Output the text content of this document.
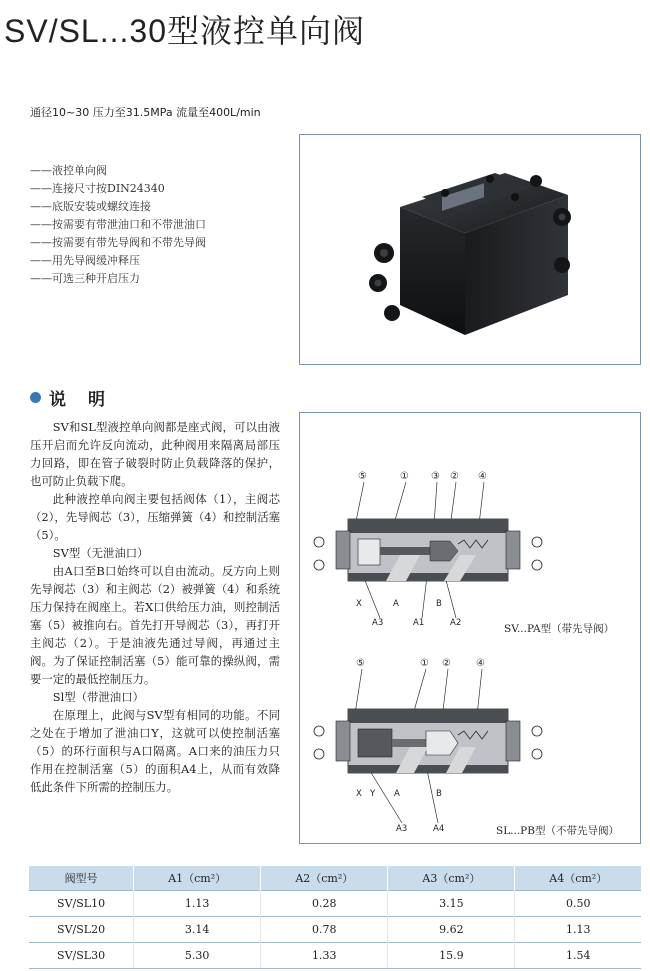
SV/SL...30型液控单向阀
通径10~30 压力至31.5MPa 流量至400L/min
——液控单向阀
——连接尺寸按DIN24340
——底版安装或螺纹连接
——按需要有带泄油口和不带泄油口
——按需要有带先导阀和不带先导阀
——用先导阀缓冲释压
——可选三种开启压力
说明

SV和SL型液控单向阀都是座式阀，可以由液压开启而允许反向流动，此种阀用来隔离局部压力回路，即在管子破裂时防止负载降落的保护，也可防止负载下爬。

此种液控单向阀主要包括阀体（1），主阀芯（2），先导阀芯（3），压缩弹簧（4）和控制活塞（5）。

SV型（无泄油口）

由A口至B口始终可以自由流动。反方向上则先导阀芯（3）和主阀芯（2）被弹簧（4）和系统压力保持在阀座上。若X口供给压力油，则控制活塞（5）被推向右。首先打开导阀芯（3），再打开主阀芯（2）。于是油液先通过导阀，再通过主阀。为了保证控制活塞（5）能可靠的操纵阀，需要一定的最低控制压力。

Sl型（带泄油口）

在原理上，此阀与SV型有相同的功能。不同之处在于增加了泄油口Y，这就可以使控制活塞（5）的环行面积与A口隔离。A口来的油压力只作用在控制活塞（5）的面积A4上，从而有效降低此条件下所需的控制压力。

⑤	① ③ ② ④
X	A	B
A3	A1	A2
⑤	① ②	④
X Y A	B
A3	A4
SV...PA型（带先导阀）
SL...PB型（不带先导阀）
阀型号	A1（cm²）	A2（cm²）	A3（cm²）	A4（cm²）
SV/SL10	1.13	0.28	3.15	0.50
SV/SL20	3.14	0.78	9.62	1.13
SV/SL30	5.30	1.33	15.9	1.54
